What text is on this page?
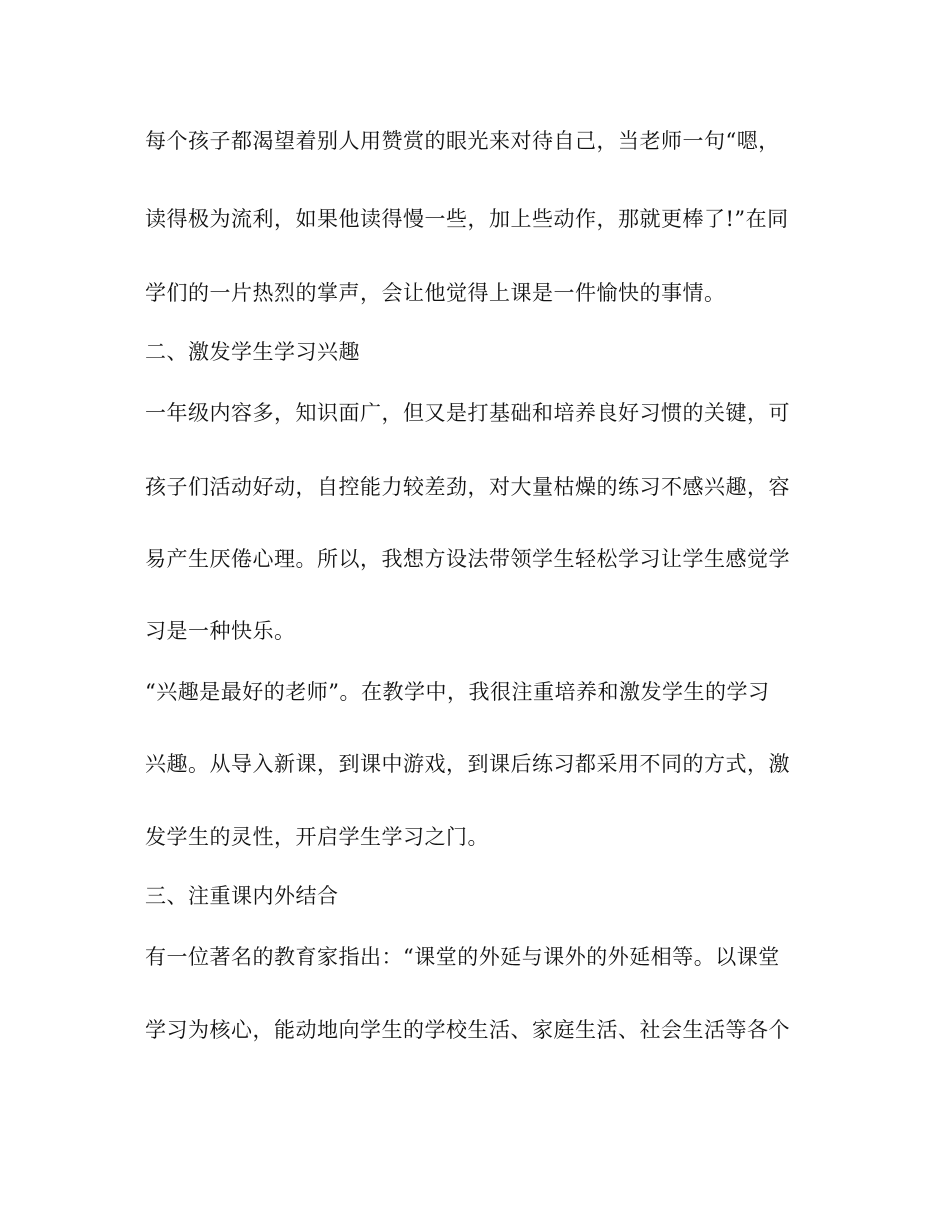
每个孩子都渴望着别人用赞赏的眼光来对待自己，当老师一句“嗯，
读得极为流利，如果他读得慢一些，加上些动作，那就更棒了!”在同
学们的一片热烈的掌声，会让他觉得上课是一件愉快的事情。
二、激发学生学习兴趣
一年级内容多，知识面广，但又是打基础和培养良好习惯的关键，可
孩子们活动好动，自控能力较差劲，对大量枯燥的练习不感兴趣，容
易产生厌倦心理。所以，我想方设法带领学生轻松学习让学生感觉学
习是一种快乐。
“兴趣是最好的老师”。在教学中，我很注重培养和激发学生的学习
兴趣。从导入新课，到课中游戏，到课后练习都采用不同的方式，激
发学生的灵性，开启学生学习之门。
三、注重课内外结合
有一位著名的教育家指出：“课堂的外延与课外的外延相等。以课堂
学习为核心，能动地向学生的学校生活、家庭生活、社会生活等各个
